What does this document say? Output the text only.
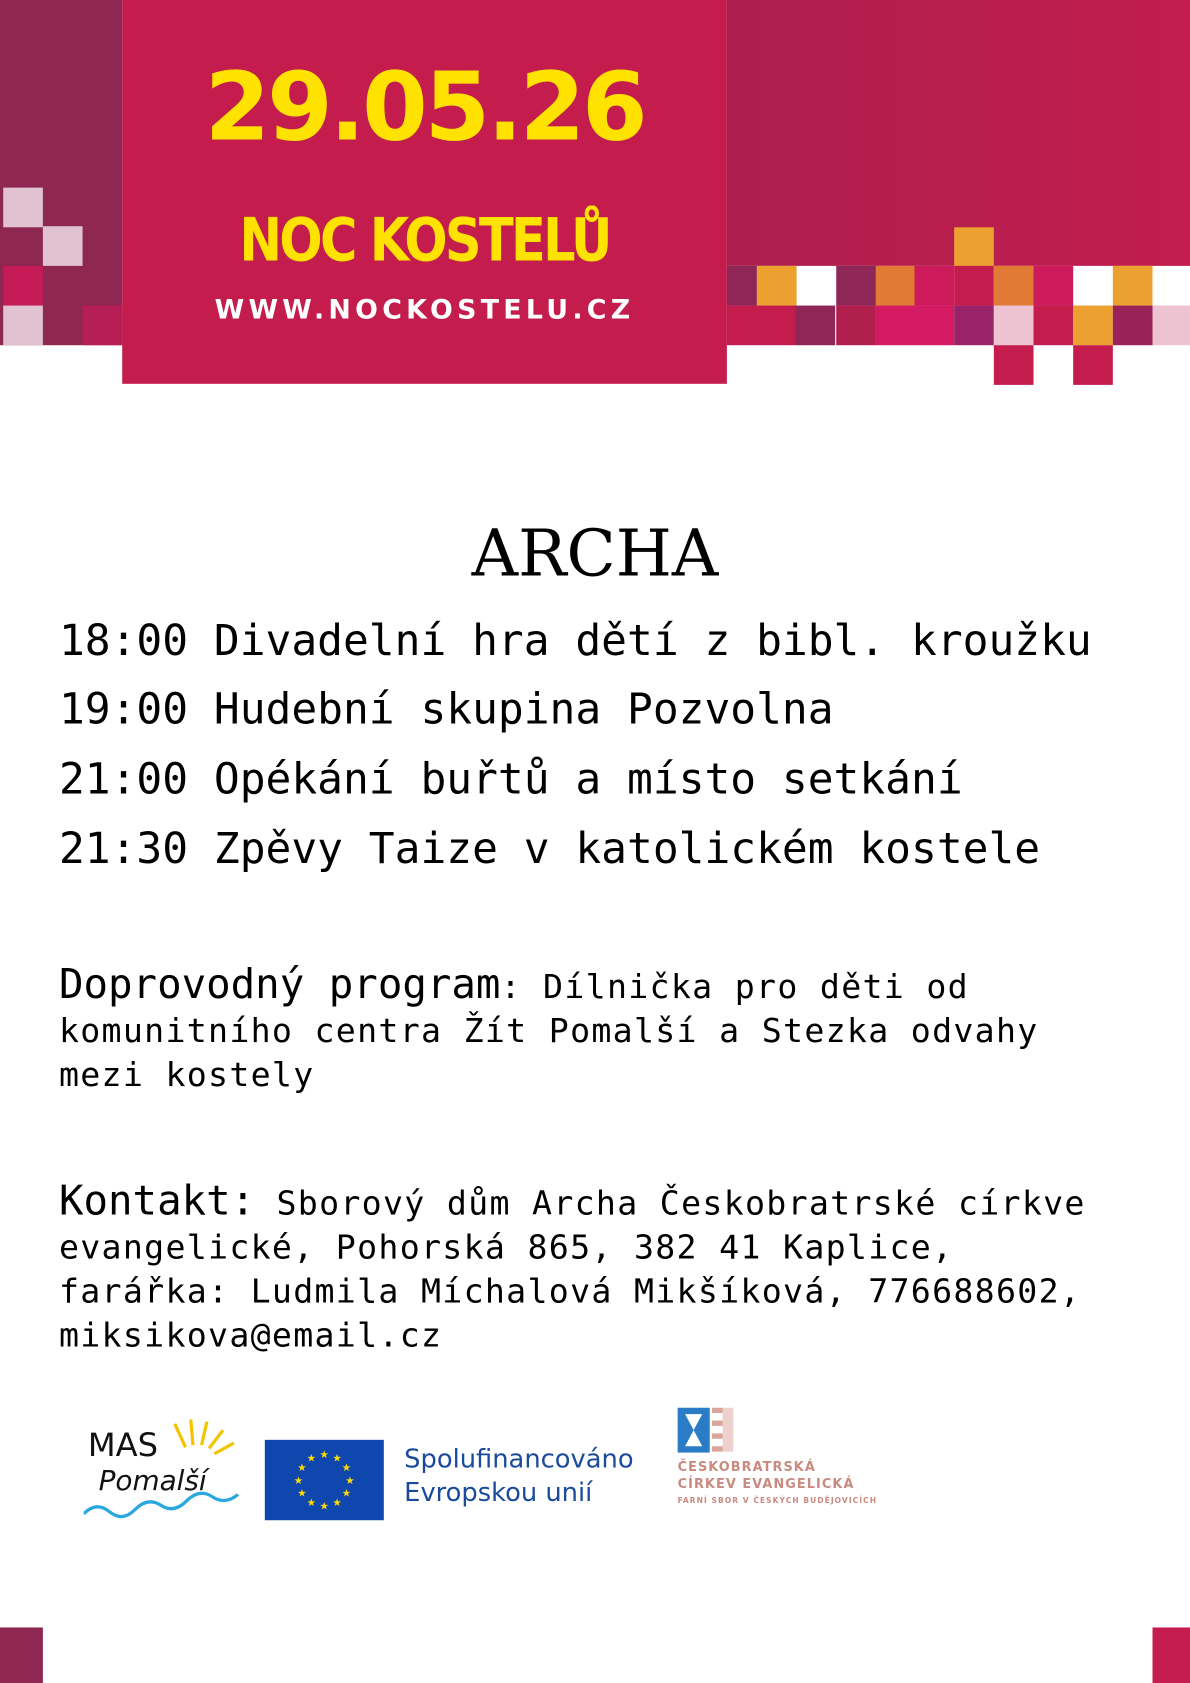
29.05.26
NOC KOSTELŮ
WWW.NOCKOSTELU.CZ
ARCHA
18:00 Divadelní hra dětí z bibl. kroužku
19:00 Hudební skupina Pozvolna
21:00 Opékání buřtů a místo setkání
21:30 Zpěvy Taize v katolickém kostele
Doprovodný program: Dílnička pro děti od komunitního centra Žít Pomalší a Stezka odvahy mezi kostely
Kontakt: Sborový dům Archa Českobratrské církve evangelické, Pohorská 865, 382 41 Kaplice, farářka: Ludmila Míchalová Mikšíková, 776688602, miksikova@email.cz
MAS
Pomalší	★
★
★
★
★
★
★
★
★ ★ ★
★ Spolufinancováno
Evropskou unií
ČESKOBRATRSKÁ
CÍRKEV EVANGELICKÁ
FARNÍ SBOR V ČESKÝCH BUDĚJOVICÍCH
